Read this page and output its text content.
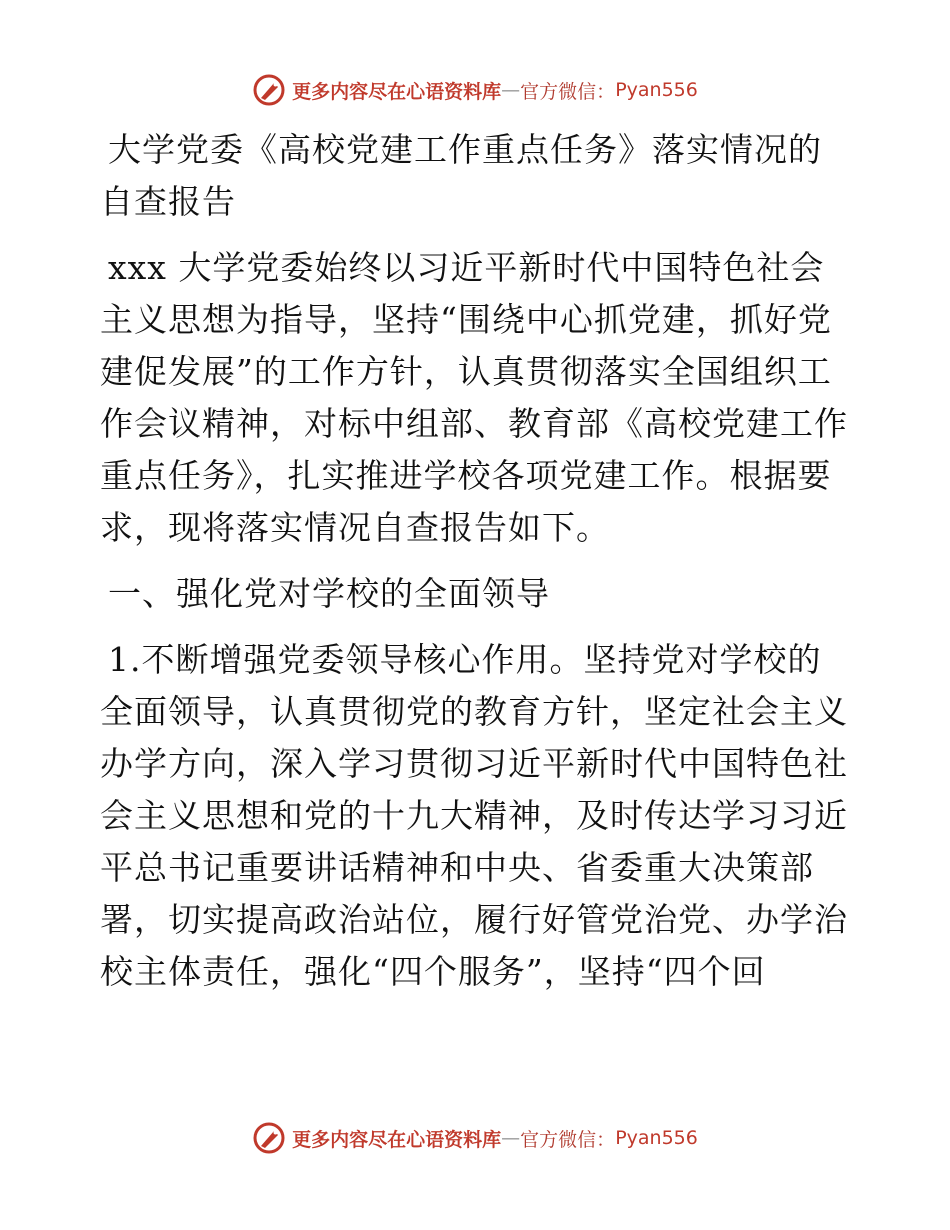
更多内容尽在心语资料库 — 官方微信： Pyan556

大学党委《高校党建工作重点任务》落实情况的自查报告

xxx 大学党委始终以习近平新时代中国特色社会主义思想为指导，坚持“围绕中心抓党建，抓好党建促发展”的工作方针，认真贯彻落实全国组织工作会议精神，对标中组部、教育部《高校党建工作重点任务》，扎实推进学校各项党建工作。根据要求，现将落实情况自查报告如下。

一、强化党对学校的全面领导

1.不断增强党委领导核心作用。坚持党对学校的全面领导，认真贯彻党的教育方针，坚定社会主义办学方向，深入学习贯彻习近平新时代中国特色社会主义思想和党的十九大精神，及时传达学习习近平总书记重要讲话精神和中央、省委重大决策部署，切实提高政治站位，履行好管党治党、办学治校主体责任，强化“四个服务”，坚持“四个回

更多内容尽在心语资料库 — 官方微信： Pyan556
